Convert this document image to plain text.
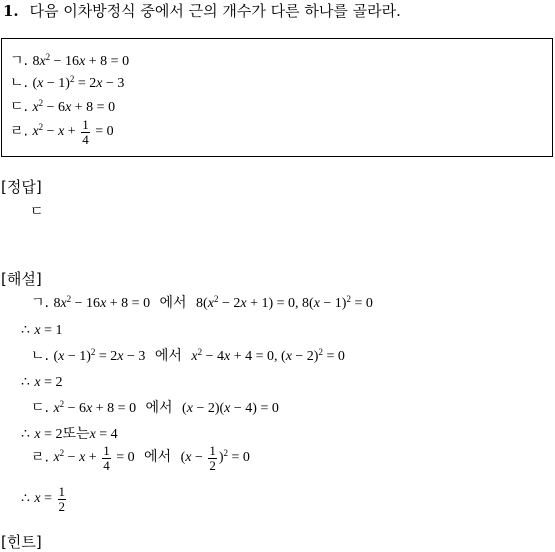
1. 다음 이차방정식 중에서 근의 개수가 다른 하나를 골라라.
ㄱ. $8x^2 - 16x + 8 = 0$
ㄴ. $(x - 1)^2 = 2x - 3$
ㄷ. $x^2 - 6x + 8 = 0$
ㄹ. $x^2 - x + \frac{1}{4} = 0$
[정답]
ㄷ
[해설]
ㄱ. $8x^2 - 16x + 8 = 0$ 에서 $8(x^2 - 2x + 1) = 0$, $8(x - 1)^2 = 0$
∴ x = 1
ㄴ. $(x - 1)^2 = 2x - 3$ 에서 $x^2 - 4x + 4 = 0$, $(x - 2)^2 = 0$
∴ x = 2
ㄷ. $x^2 - 6x + 8 = 0$ 에서 (x − 2)(x − 4) = 0
∴ x = 2또는x = 4
ㄹ. $x^2 - x + \frac{1}{4} = 0$ 에서 $(x - \frac{1}{2} )^2 = 0$
∴ $x = \frac{1}{2}$
[힌트]
